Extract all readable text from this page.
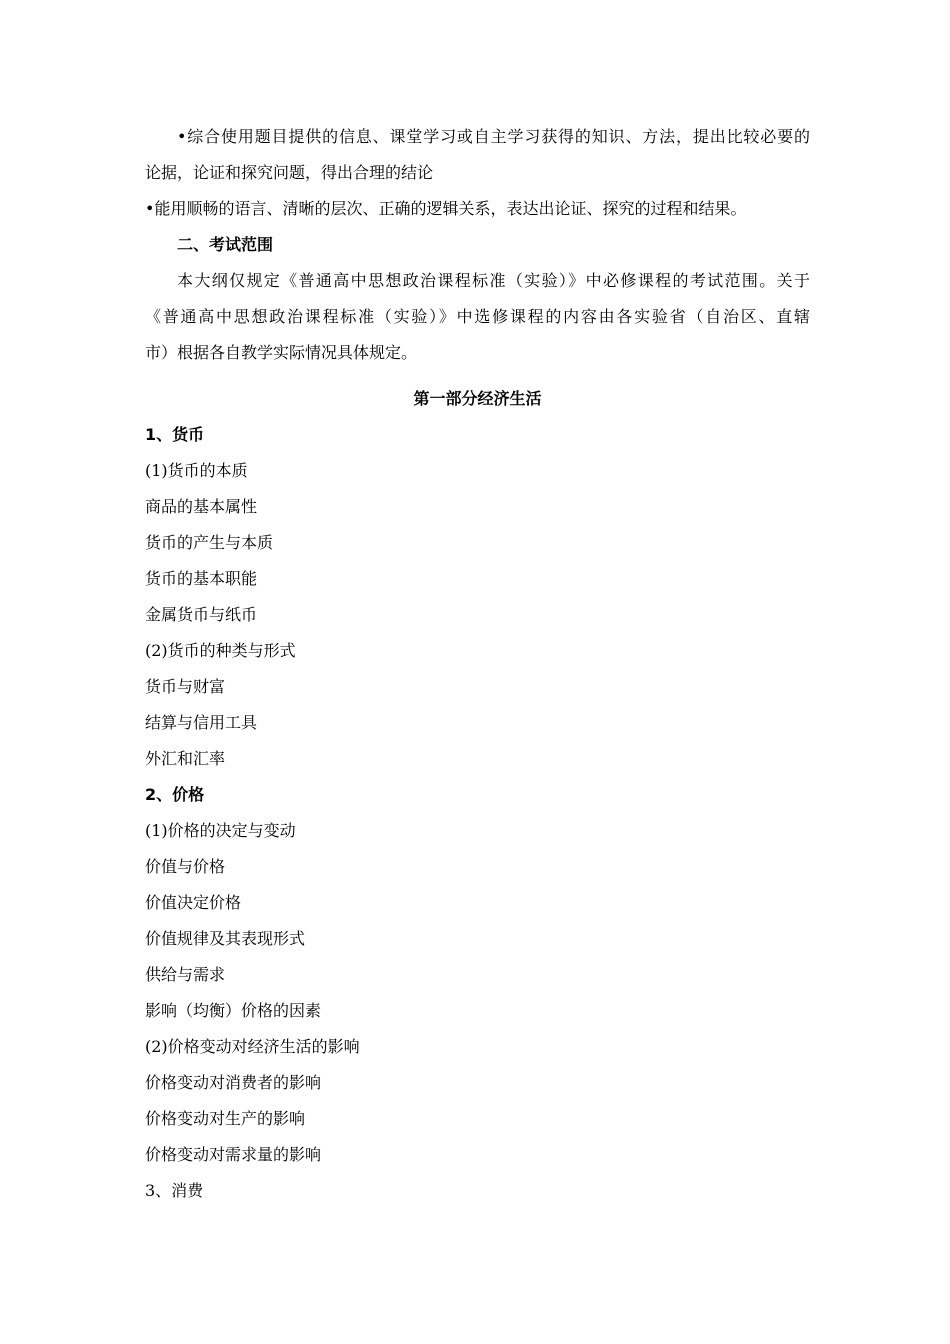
•综合使用题目提供的信息、课堂学习或自主学习获得的知识、方法，提出比较必要的
论据，论证和探究问题，得出合理的结论
•能用顺畅的语言、清晰的层次、正确的逻辑关系，表达出论证、探究的过程和结果。
二、考试范围
本大纲仅规定《普通高中思想政治课程标准（实验）》中必修课程的考试范围。关于
《普通高中思想政治课程标准（实验）》中选修课程的内容由各实验省（自治区、直辖
市）根据各自教学实际情况具体规定。
第一部分经济生活
1、货币
(1)货币的本质
商品的基本属性
货币的产生与本质
货币的基本职能
金属货币与纸币
(2)货币的种类与形式
货币与财富
结算与信用工具
外汇和汇率
2、价格
(1)价格的决定与变动
价值与价格
价值决定价格
价值规律及其表现形式
供给与需求
影响（均衡）价格的因素
(2)价格变动对经济生活的影响
价格变动对消费者的影响
价格变动对生产的影响
价格变动对需求量的影响
3、消费
